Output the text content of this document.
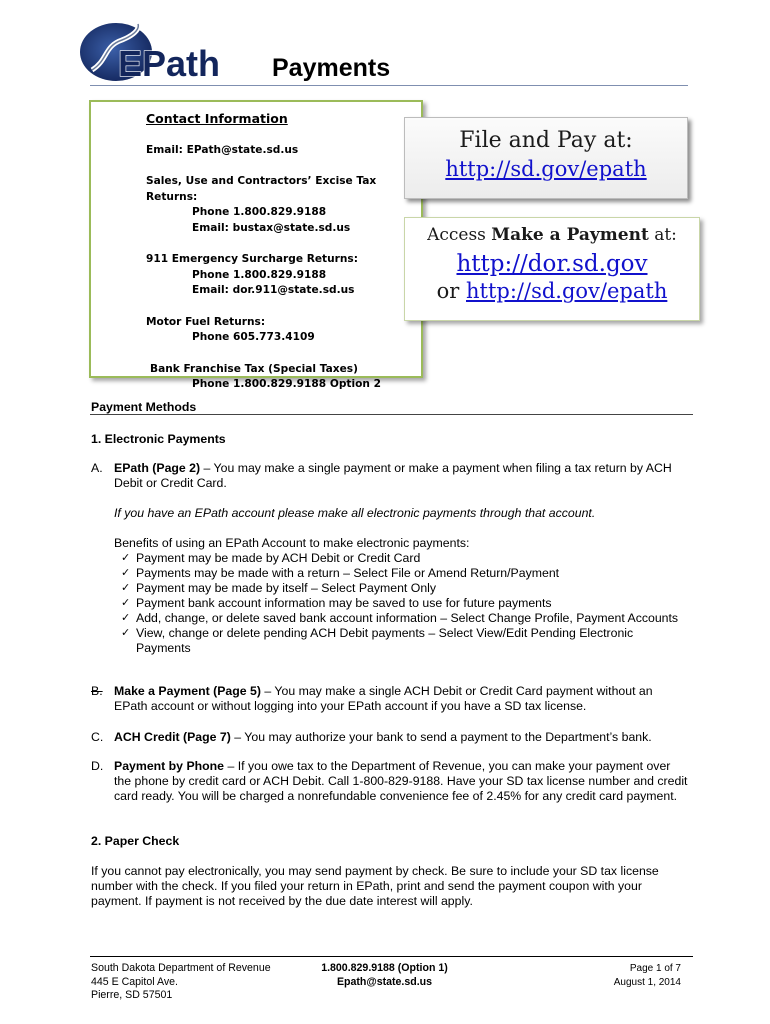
EPath Payments
Contact Information
Email: EPath@state.sd.us
Sales, Use and Contractors’ Excise Tax Returns:
Phone 1.800.829.9188
Email: bustax@state.sd.us
911 Emergency Surcharge Returns:
Phone 1.800.829.9188
Email: dor.911@state.sd.us
Motor Fuel Returns:
Phone 605.773.4109
Bank Franchise Tax (Special Taxes)
Phone 1.800.829.9188 Option 2
File and Pay at:
http://sd.gov/epath
Access Make a Payment at:
http://dor.sd.gov
or http://sd.gov/epath
Payment Methods
1. Electronic Payments
A. EPath (Page 2) – You may make a single payment or make a payment when filing a tax return by ACH Debit or Credit Card.
If you have an EPath account please make all electronic payments through that account.
Benefits of using an EPath Account to make electronic payments:
✓ Payment may be made by ACH Debit or Credit Card
✓ Payments may be made with a return – Select File or Amend Return/Payment
✓ Payment may be made by itself – Select Payment Only
✓ Payment bank account information may be saved to use for future payments
✓ Add, change, or delete saved bank account information – Select Change Profile, Payment Accounts
✓ View, change or delete pending ACH Debit payments – Select View/Edit Pending Electronic Payments
B. Make a Payment (Page 5) – You may make a single ACH Debit or Credit Card payment without an EPath account or without logging into your EPath account if you have a SD tax license.
C. ACH Credit (Page 7) – You may authorize your bank to send a payment to the Department’s bank.
D. Payment by Phone – If you owe tax to the Department of Revenue, you can make your payment over the phone by credit card or ACH Debit. Call 1-800-829-9188. Have your SD tax license number and credit card ready. You will be charged a nonrefundable convenience fee of 2.45% for any credit card payment.
2. Paper Check
If you cannot pay electronically, you may send payment by check. Be sure to include your SD tax license number with the check. If you filed your return in EPath, print and send the payment coupon with your payment. If payment is not received by the due date interest will apply.
South Dakota Department of Revenue
445 E Capitol Ave.
Pierre, SD 57501
1.800.829.9188 (Option 1)
Epath@state.sd.us
Page 1 of 7
August 1, 2014
